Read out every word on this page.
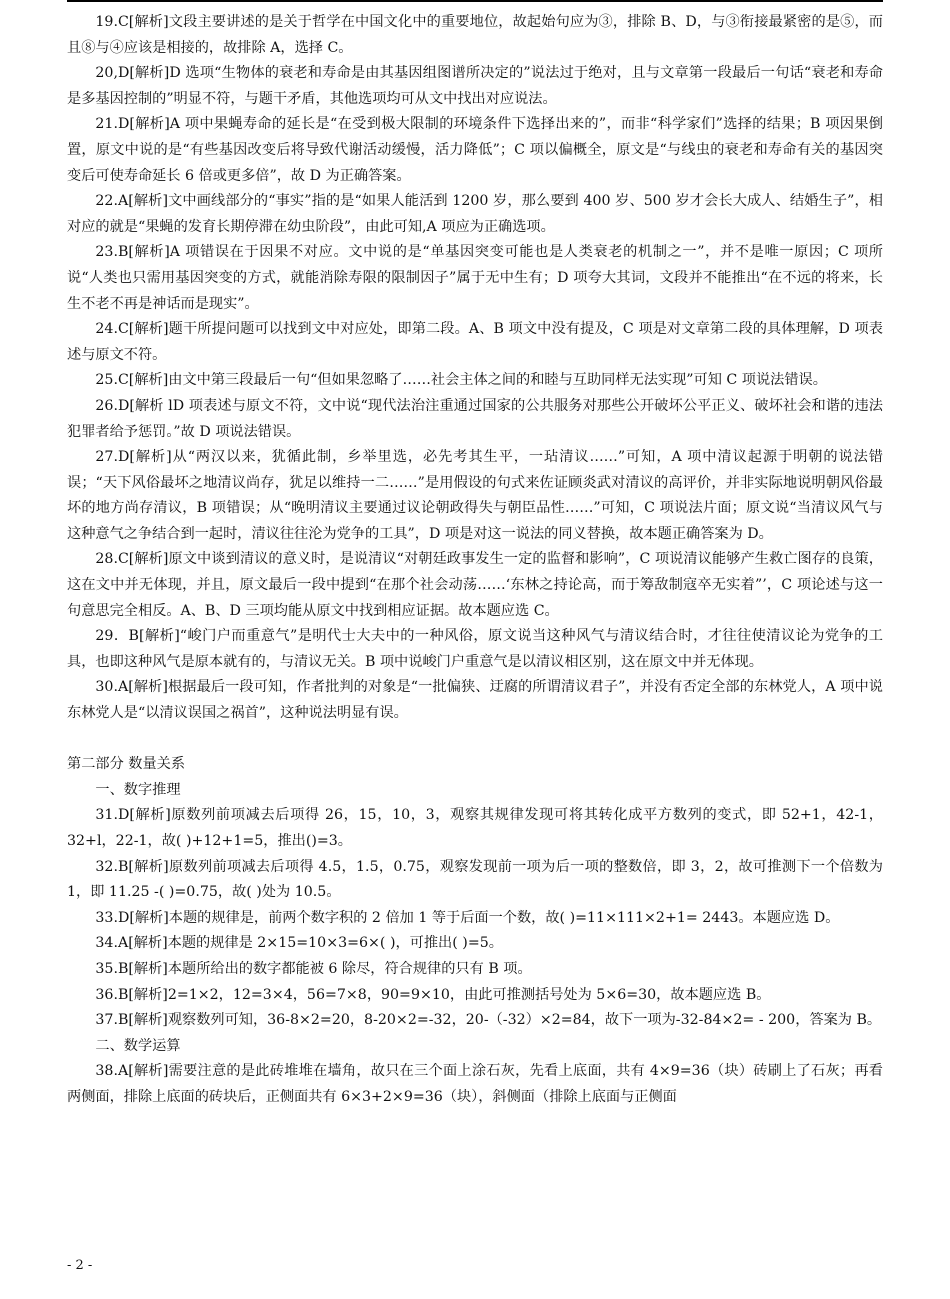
19.C[解析]文段主要讲述的是关于哲学在中国文化中的重要地位，故起始句应为③，排除 B、D，与③衔接最紧密的是⑤，而且⑧与④应该是相接的，故排除 A，选择 C。

20,D[解析]D 选项“生物体的衰老和寿命是由其基因组图谱所决定的”说法过于绝对，且与文章第一段最后一句话“衰老和寿命是多基因控制的”明显不符，与题干矛盾，其他选项均可从文中找出对应说法。

21.D[解析]A 项中果蝇寿命的延长是“在受到极大限制的环境条件下选择出来的”，而非“科学家们”选择的结果；B 项因果倒置，原文中说的是“有些基因改变后将导致代谢活动缓慢，活力降低”；C 项以偏概全，原文是“与线虫的衰老和寿命有关的基因突变后可使寿命延长 6 倍或更多倍”，故 D 为正确答案。

22.A[解析]文中画线部分的“事实”指的是“如果人能活到 1200 岁，那么要到 400 岁、500 岁才会长大成人、结婚生子”，相对应的就是“果蝇的发育长期停滞在幼虫阶段”，由此可知,A 项应为正确选项。

23.B[解析]A 项错误在于因果不对应。文中说的是“单基因突变可能也是人类衰老的机制之一”，并不是唯一原因；C 项所说“人类也只需用基因突变的方式，就能消除寿限的限制因子”属于无中生有；D 项夸大其词，文段并不能推出“在不远的将来，长生不老不再是神话而是现实”。

24.C[解析]题干所提问题可以找到文中对应处，即第二段。A、B 项文中没有提及，C 项是对文章第二段的具体理解，D 项表述与原文不符。

25.C[解析]由文中第三段最后一句“但如果忽略了……社会主体之间的和睦与互助同样无法实现”可知 C 项说法错误。

26.D[解析 lD 项表述与原文不符，文中说“现代法治注重通过国家的公共服务对那些公开破坏公平正义、破坏社会和谐的违法犯罪者给予惩罚。”故 D 项说法错误。

27.D[解析]从“两汉以来，犹循此制，乡举里选，必先考其生平，一玷清议……”可知，A 项中清议起源于明朝的说法错误；“天下风俗最坏之地清议尚存，犹足以维持一二……”是用假设的句式来佐证顾炎武对清议的高评价，并非实际地说明朝风俗最坏的地方尚存清议，B 项错误；从“晚明清议主要通过议论朝政得失与朝臣品性……”可知，C 项说法片面；原文说“当清议风气与这种意气之争结合到一起时，清议往往沦为党争的工具”，D 项是对这一说法的同义替换，故本题正确答案为 D。

28.C[解析]原文中谈到清议的意义时，是说清议“对朝廷政事发生一定的监督和影响”，C 项说清议能够产生救亡图存的良策，这在文中并无体现，并且，原文最后一段中提到“在那个社会动荡……‘东林之持论高，而于筹敌制寇卒无实着”’，C 项论述与这一句意思完全相反。A、B、D 三项均能从原文中找到相应证据。故本题应选 C。

29．B[解析]“峻门户而重意气”是明代士大夫中的一种风俗，原文说当这种风气与清议结合时，才往往使清议论为党争的工具，也即这种风气是原本就有的，与清议无关。B 项中说峻门户重意气是以清议相区别，这在原文中并无体现。

30.A[解析]根据最后一段可知，作者批判的对象是“一批偏狭、迂腐的所谓清议君子”，并没有否定全部的东林党人，A 项中说东林党人是“以清议误国之祸首”，这种说法明显有误。

第二部分 数量关系

一、数字推理

31.D[解析]原数列前项减去后项得 26，15，10，3，观察其规律发现可将其转化成平方数列的变式，即 52+1，42-1，32+l，22-1，故( )+12+1=5，推出()=3。

32.B[解析]原数列前项减去后项得 4.5，1.5，0.75，观察发现前一项为后一项的整数倍，即 3，2，故可推测下一个倍数为 1，即 11.25 -( )=0.75，故( )处为 10.5。

33.D[解析]本题的规律是，前两个数字积的 2 倍加 1 等于后面一个数，故( )=11×111×2+1= 2443。本题应选 D。

34.A[解析]本题的规律是 2×15=10×3=6×( )，可推出( )=5。

35.B[解析]本题所给出的数字都能被 6 除尽，符合规律的只有 B 项。

36.B[解析]2=1×2，12=3×4，56=7×8，90=9×10，由此可推测括号处为 5×6=30，故本题应选 B。

37.B[解析]观察数列可知，36-8×2=20，8-20×2=-32，20-（-32）×2=84，故下一项为-32-84×2= - 200，答案为 B。

二、数学运算

38.A[解析]需要注意的是此砖堆堆在墙角，故只在三个面上涂石灰，先看上底面，共有 4×9=36（块）砖刷上了石灰；再看两侧面，排除上底面的砖块后，正侧面共有 6×3+2×9=36（块），斜侧面（排除上底面与正侧面

- 2 -
